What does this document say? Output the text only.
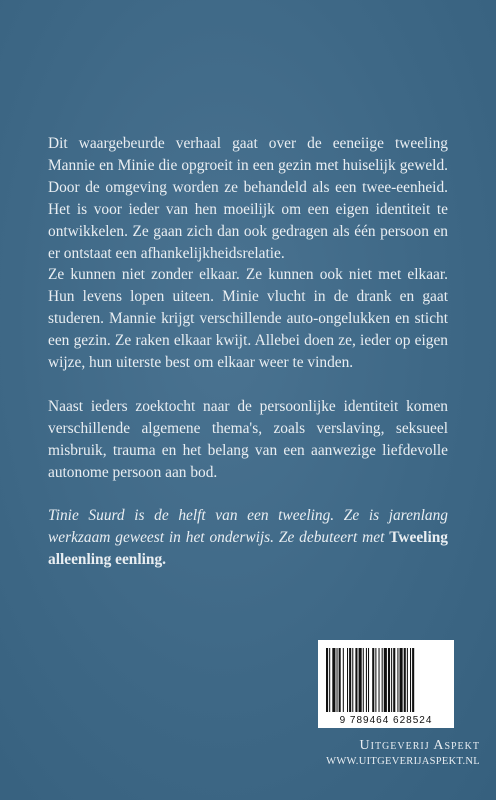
Dit waargebeurde verhaal gaat over de eeneiige tweeling Mannie en Minie die opgroeit in een gezin met huiselijk geweld. Door de omgeving worden ze behandeld als een twee-eenheid. Het is voor ieder van hen moeilijk om een eigen identiteit te ontwikkelen. Ze gaan zich dan ook gedragen als één persoon en er ontstaat een afhankelijkheidsrelatie.

Ze kunnen niet zonder elkaar. Ze kunnen ook niet met elkaar. Hun levens lopen uiteen. Minie vlucht in de drank en gaat studeren. Mannie krijgt verschillende auto-ongelukken en sticht een gezin. Ze raken elkaar kwijt. Allebei doen ze, ieder op eigen wijze, hun uiterste best om elkaar weer te vinden.

Naast ieders zoektocht naar de persoonlijke identiteit komen verschillende algemene thema's, zoals verslaving, seksueel misbruik, trauma en het belang van een aanwezige liefdevolle autonome persoon aan bod.

Tinie Suurd is de helft van een tweeling. Ze is jarenlang werkzaam geweest in het onderwijs. Ze debuteert met Tweeling alleenling eenling.

9 789464 628524
Uitgeverij Aspekt
WWW.UITGEVERIJASPEKT.NL
